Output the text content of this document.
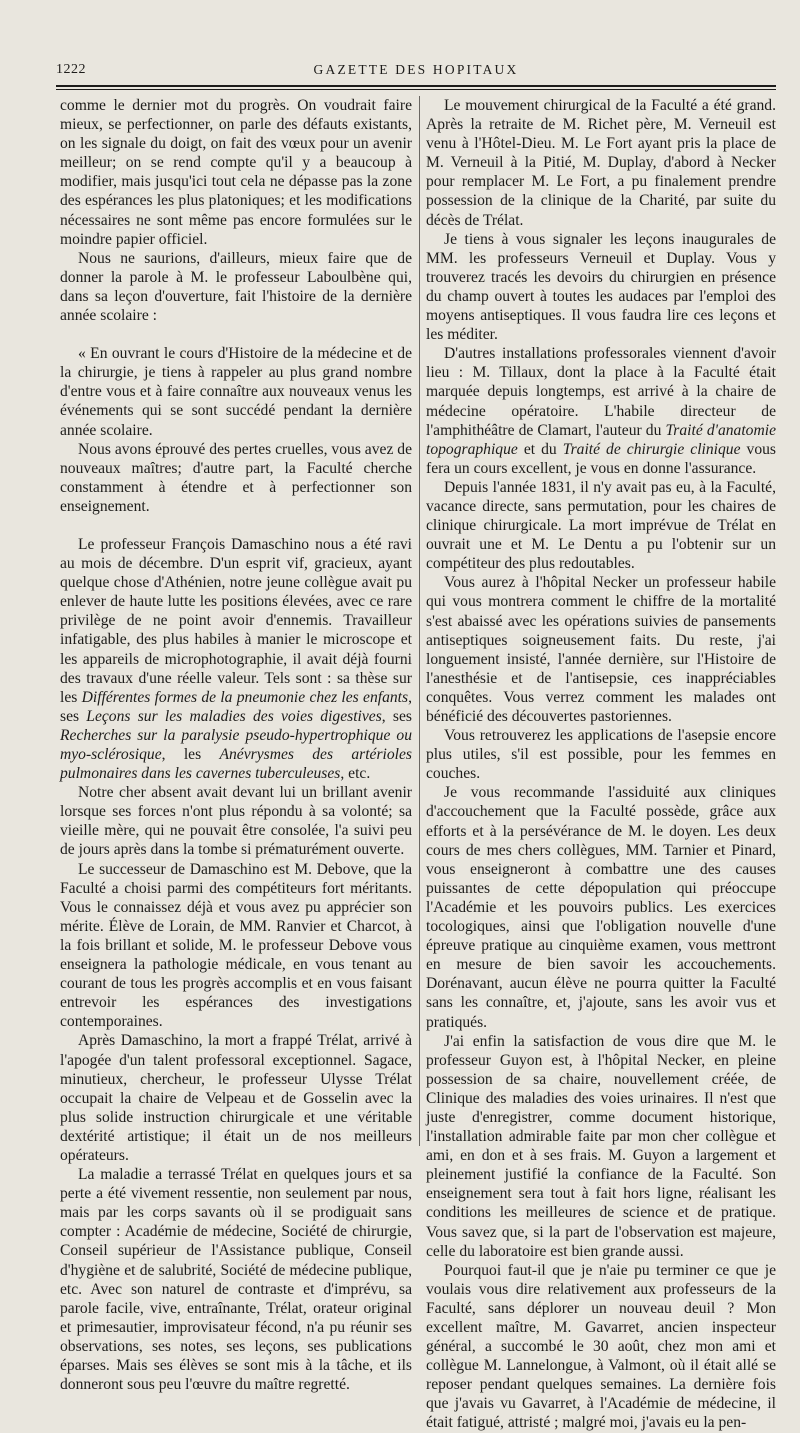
1222	GAZETTE DES HOPITAUX

comme le dernier mot du progrès. On voudrait faire mieux, se perfectionner, on parle des défauts existants, on les signale du doigt, on fait des vœux pour un avenir meilleur; on se rend compte qu'il y a beaucoup à modifier, mais jusqu'ici tout cela ne dépasse pas la zone des espérances les plus platoniques; et les modifications nécessaires ne sont même pas encore formulées sur le moindre papier officiel.

Nous ne saurions, d'ailleurs, mieux faire que de donner la parole à M. le professeur Laboulbène qui, dans sa leçon d'ouverture, fait l'histoire de la dernière année scolaire :

« En ouvrant le cours d'Histoire de la médecine et de la chirurgie, je tiens à rappeler au plus grand nombre d'entre vous et à faire connaître aux nouveaux venus les événements qui se sont succédé pendant la dernière année scolaire.

Nous avons éprouvé des pertes cruelles, vous avez de nouveaux maîtres; d'autre part, la Faculté cherche constamment à étendre et à perfectionner son enseignement.

Le professeur François Damaschino nous a été ravi au mois de décembre. D'un esprit vif, gracieux, ayant quelque chose d'Athénien, notre jeune collègue avait pu enlever de haute lutte les positions élevées, avec ce rare privilège de ne point avoir d'ennemis. Travailleur infatigable, des plus habiles à manier le microscope et les appareils de microphotographie, il avait déjà fourni des travaux d'une réelle valeur. Tels sont : sa thèse sur les Différentes formes de la pneumonie chez les enfants, ses Leçons sur les maladies des voies digestives, ses Recherches sur la paralysie pseudo-hypertrophique ou myo-sclérosique, les Anévrysmes des artérioles pulmonaires dans les cavernes tuberculeuses, etc.

Notre cher absent avait devant lui un brillant avenir lorsque ses forces n'ont plus répondu à sa volonté; sa vieille mère, qui ne pouvait être consolée, l'a suivi peu de jours après dans la tombe si prématurément ouverte.

Le successeur de Damaschino est M. Debove, que la Faculté a choisi parmi des compétiteurs fort méritants. Vous le connaissez déjà et vous avez pu apprécier son mérite. Élève de Lorain, de MM. Ranvier et Charcot, à la fois brillant et solide, M. le professeur Debove vous enseignera la pathologie médicale, en vous tenant au courant de tous les progrès accomplis et en vous faisant entrevoir les espérances des investigations contemporaines.

Après Damaschino, la mort a frappé Trélat, arrivé à l'apogée d'un talent professoral exceptionnel. Sagace, minutieux, chercheur, le professeur Ulysse Trélat occupait la chaire de Velpeau et de Gosselin avec la plus solide instruction chirurgicale et une véritable dextérité artistique; il était un de nos meilleurs opérateurs.

La maladie a terrassé Trélat en quelques jours et sa perte a été vivement ressentie, non seulement par nous, mais par les corps savants où il se prodiguait sans compter : Académie de médecine, Société de chirurgie, Conseil supérieur de l'Assistance publique, Conseil d'hygiène et de salubrité, Société de médecine publique, etc. Avec son naturel de contraste et d'imprévu, sa parole facile, vive, entraînante, Trélat, orateur original et primesautier, improvisateur fécond, n'a pu réunir ses observations, ses notes, ses leçons, ses publications éparses. Mais ses élèves se sont mis à la tâche, et ils donneront sous peu l'œuvre du maître regretté.

Le mouvement chirurgical de la Faculté a été grand. Après la retraite de M. Richet père, M. Verneuil est venu à l'Hôtel-Dieu. M. Le Fort ayant pris la place de M. Verneuil à la Pitié, M. Duplay, d'abord à Necker pour remplacer M. Le Fort, a pu finalement prendre possession de la clinique de la Charité, par suite du décès de Trélat.

Je tiens à vous signaler les leçons inaugurales de MM. les professeurs Verneuil et Duplay. Vous y trouverez tracés les devoirs du chirurgien en présence du champ ouvert à toutes les audaces par l'emploi des moyens antiseptiques. Il vous faudra lire ces leçons et les méditer.

D'autres installations professorales viennent d'avoir lieu : M. Tillaux, dont la place à la Faculté était marquée depuis longtemps, est arrivé à la chaire de médecine opératoire. L'habile directeur de l'amphithéâtre de Clamart, l'auteur du Traité d'anatomie topographique et du Traité de chirurgie clinique vous fera un cours excellent, je vous en donne l'assurance.

Depuis l'année 1831, il n'y avait pas eu, à la Faculté, vacance directe, sans permutation, pour les chaires de clinique chirurgicale. La mort imprévue de Trélat en ouvrait une et M. Le Dentu a pu l'obtenir sur un compétiteur des plus redoutables.

Vous aurez à l'hôpital Necker un professeur habile qui vous montrera comment le chiffre de la mortalité s'est abaissé avec les opérations suivies de pansements antiseptiques soigneusement faits. Du reste, j'ai longuement insisté, l'année dernière, sur l'Histoire de l'anesthésie et de l'antisepsie, ces inappréciables conquêtes. Vous verrez comment les malades ont bénéficié des découvertes pastoriennes.

Vous retrouverez les applications de l'asepsie encore plus utiles, s'il est possible, pour les femmes en couches.

Je vous recommande l'assiduité aux cliniques d'accouchement que la Faculté possède, grâce aux efforts et à la persévérance de M. le doyen. Les deux cours de mes chers collègues, MM. Tarnier et Pinard, vous enseigneront à combattre une des causes puissantes de cette dépopulation qui préoccupe l'Académie et les pouvoirs publics. Les exercices tocologiques, ainsi que l'obligation nouvelle d'une épreuve pratique au cinquième examen, vous mettront en mesure de bien savoir les accouchements. Dorénavant, aucun élève ne pourra quitter la Faculté sans les connaître, et, j'ajoute, sans les avoir vus et pratiqués.

J'ai enfin la satisfaction de vous dire que M. le professeur Guyon est, à l'hôpital Necker, en pleine possession de sa chaire, nouvellement créée, de Clinique des maladies des voies urinaires. Il n'est que juste d'enregistrer, comme document historique, l'installation admirable faite par mon cher collègue et ami, en don et à ses frais. M. Guyon a largement et pleinement justifié la confiance de la Faculté. Son enseignement sera tout à fait hors ligne, réalisant les conditions les meilleures de science et de pratique. Vous savez que, si la part de l'observation est majeure, celle du laboratoire est bien grande aussi.

Pourquoi faut-il que je n'aie pu terminer ce que je voulais vous dire relativement aux professeurs de la Faculté, sans déplorer un nouveau deuil ? Mon excellent maître, M. Gavarret, ancien inspecteur général, a succombé le 30 août, chez mon ami et collègue M. Lannelongue, à Valmont, où il était allé se reposer pendant quelques semaines. La dernière fois que j'avais vu Gavarret, à l'Académie de médecine, il était fatigué, attristé ; malgré moi, j'avais eu la pen-
